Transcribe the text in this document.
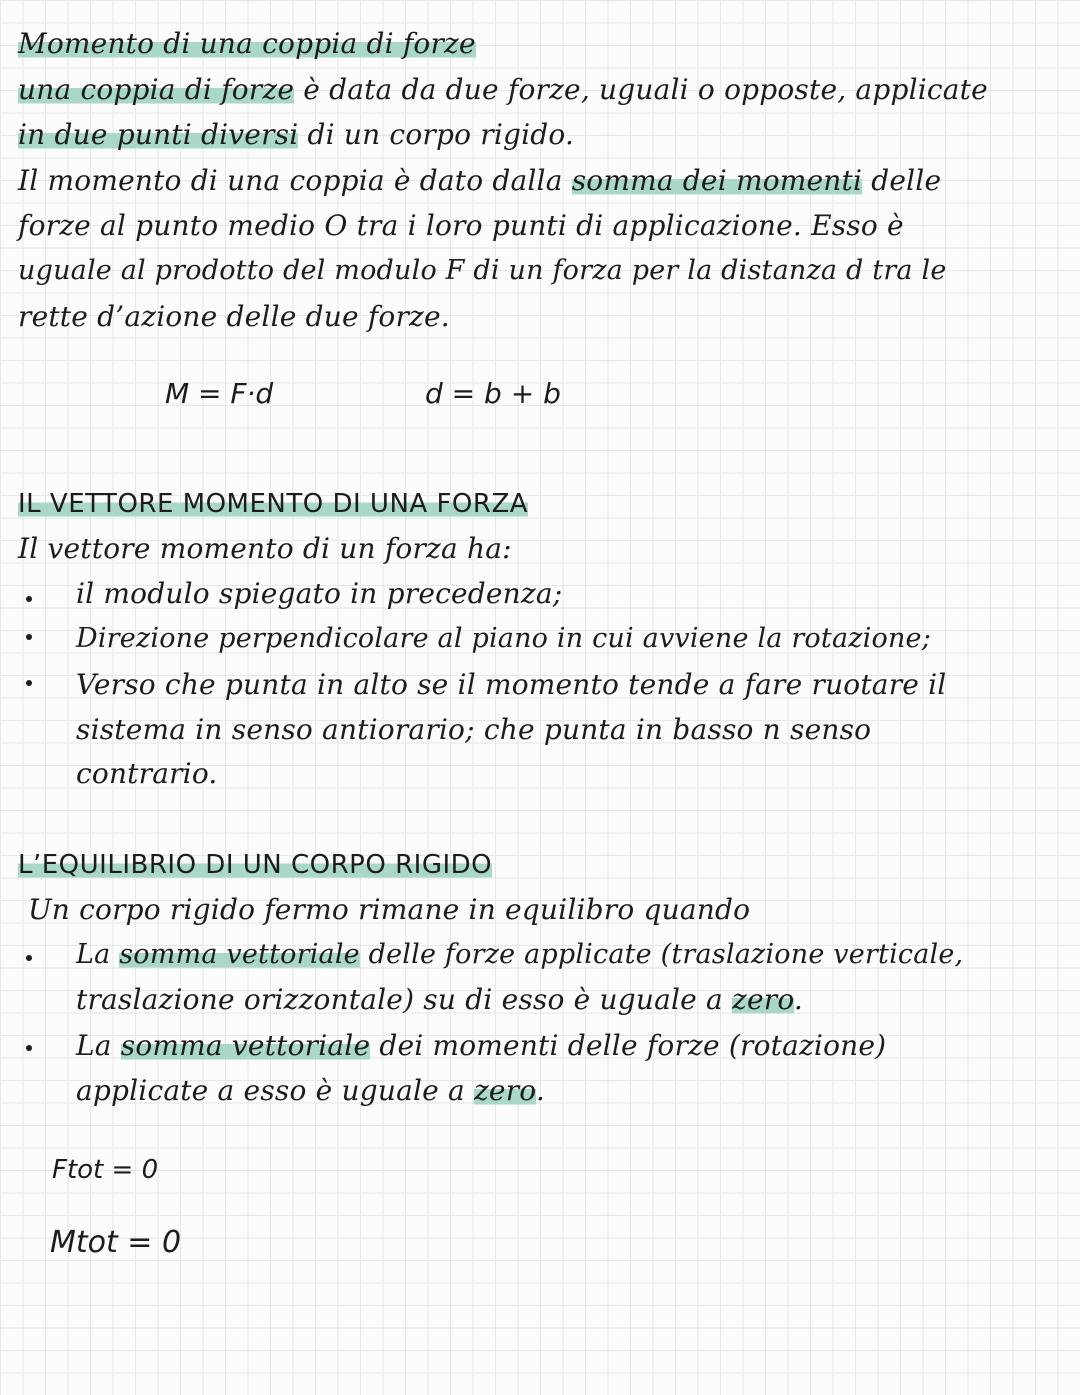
Momento di una coppia di forze
una coppia di forze è data da due forze, uguali o opposte, applicate
in due punti diversi di un corpo rigido.
Il momento di una coppia è dato dalla somma dei momenti delle
forze al punto medio O tra i loro punti di applicazione. Esso è
uguale al prodotto del modulo F di un forza per la distanza d tra le
rette d’azione delle due forze.
M = F·d	d = b + b
IL VETTORE MOMENTO DI UNA FORZA
Il vettore momento di un forza ha:
il modulo spiegato in precedenza;
Direzione perpendicolare al piano in cui avviene la rotazione;
Verso che punta in alto se il momento tende a fare ruotare il
sistema in senso antiorario; che punta in basso n senso
contrario.
L’EQUILIBRIO DI UN CORPO RIGIDO
Un corpo rigido fermo rimane in equilibro quando
La somma vettoriale delle forze applicate (traslazione verticale,
traslazione orizzontale) su di esso è uguale a zero.
La somma vettoriale dei momenti delle forze (rotazione)
applicate a esso è uguale a zero.
Ftot = 0
Mtot = 0
